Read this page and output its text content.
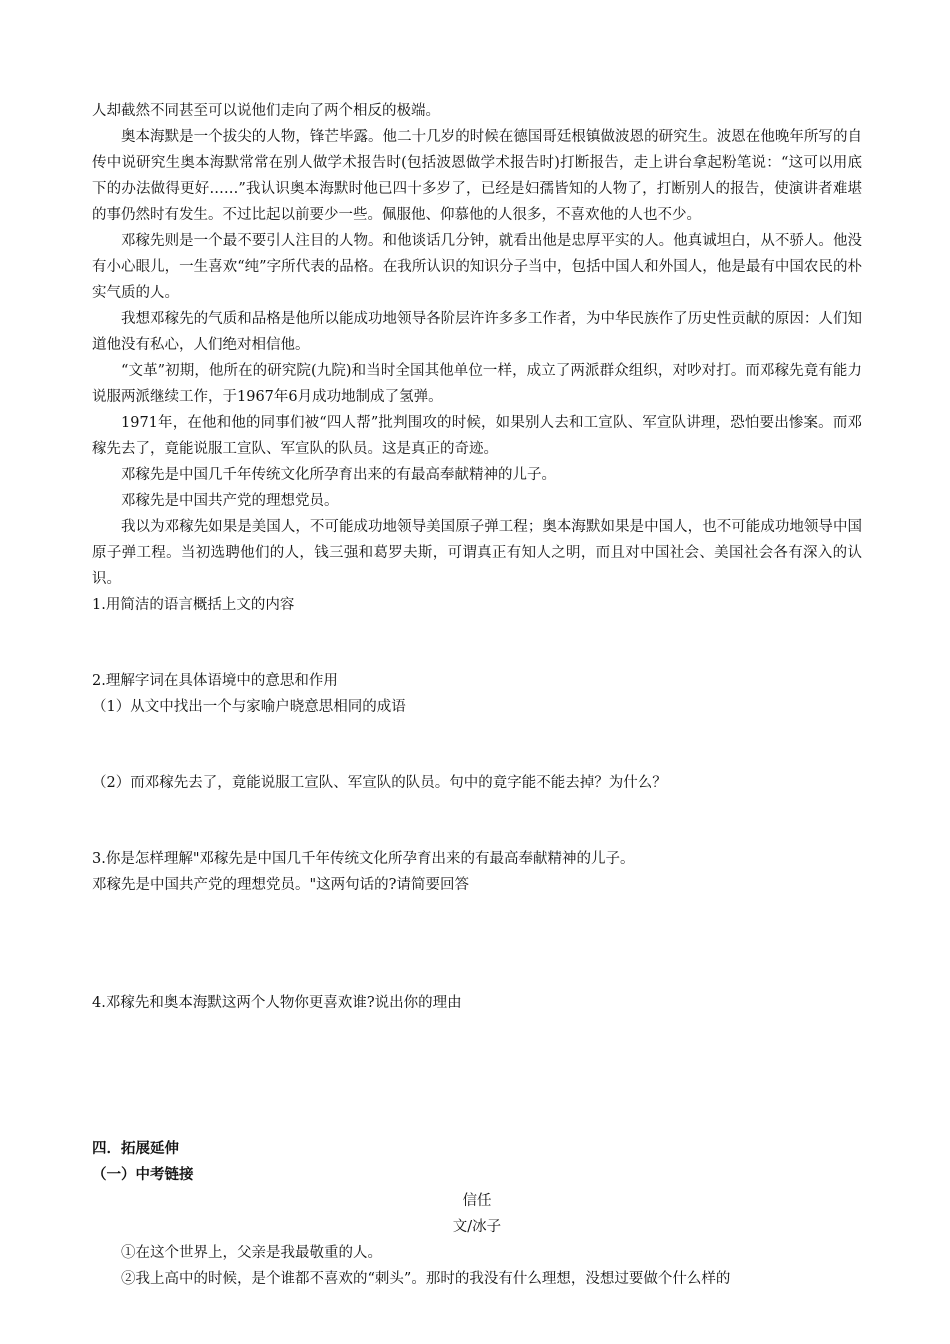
人却截然不同甚至可以说他们走向了两个相反的极端。

奥本海默是一个拔尖的人物，锋芒毕露。他二十几岁的时候在德国哥廷根镇做波恩的研究生。波恩在他晚年所写的自传中说研究生奥本海默常常在别人做学术报告时(包括波恩做学术报告时)打断报告，走上讲台拿起粉笔说：“这可以用底下的办法做得更好……”我认识奥本海默时他已四十多岁了，已经是妇孺皆知的人物了，打断别人的报告，使演讲者难堪的事仍然时有发生。不过比起以前要少一些。佩服他、仰慕他的人很多，不喜欢他的人也不少。

邓稼先则是一个最不要引人注目的人物。和他谈话几分钟，就看出他是忠厚平实的人。他真诚坦白，从不骄人。他没有小心眼儿，一生喜欢“纯”字所代表的品格。在我所认识的知识分子当中，包括中国人和外国人，他是最有中国农民的朴实气质的人。

我想邓稼先的气质和品格是他所以能成功地领导各阶层许许多多工作者，为中华民族作了历史性贡献的原因：人们知道他没有私心，人们绝对相信他。

“文革”初期，他所在的研究院(九院)和当时全国其他单位一样，成立了两派群众组织，对吵对打。而邓稼先竟有能力说服两派继续工作，于1967年6月成功地制成了氢弹。

1971年，在他和他的同事们被“四人帮”批判围攻的时候，如果别人去和工宣队、军宣队讲理，恐怕要出惨案。而邓稼先去了，竟能说服工宣队、军宣队的队员。这是真正的奇迹。

邓稼先是中国几千年传统文化所孕育出来的有最高奉献精神的儿子。

邓稼先是中国共产党的理想党员。

我以为邓稼先如果是美国人，不可能成功地领导美国原子弹工程；奥本海默如果是中国人，也不可能成功地领导中国原子弹工程。当初选聘他们的人，钱三强和葛罗夫斯，可谓真正有知人之明，而且对中国社会、美国社会各有深入的认识。

1.用简洁的语言概括上文的内容

2.理解字词在具体语境中的意思和作用

（1）从文中找出一个与家喻户晓意思相同的成语

（2）而邓稼先去了，竟能说服工宣队、军宣队的队员。句中的竟字能不能去掉？为什么？

3.你是怎样理解"邓稼先是中国几千年传统文化所孕育出来的有最高奉献精神的儿子。

邓稼先是中国共产党的理想党员。"这两句话的?请简要回答

4.邓稼先和奥本海默这两个人物你更喜欢谁?说出你的理由

四．拓展延伸

（一）中考链接

信任

文/冰子

①在这个世界上，父亲是我最敬重的人。

②我上高中的时候，是个谁都不喜欢的“刺头”。那时的我没有什么理想，没想过要做个什么样的
